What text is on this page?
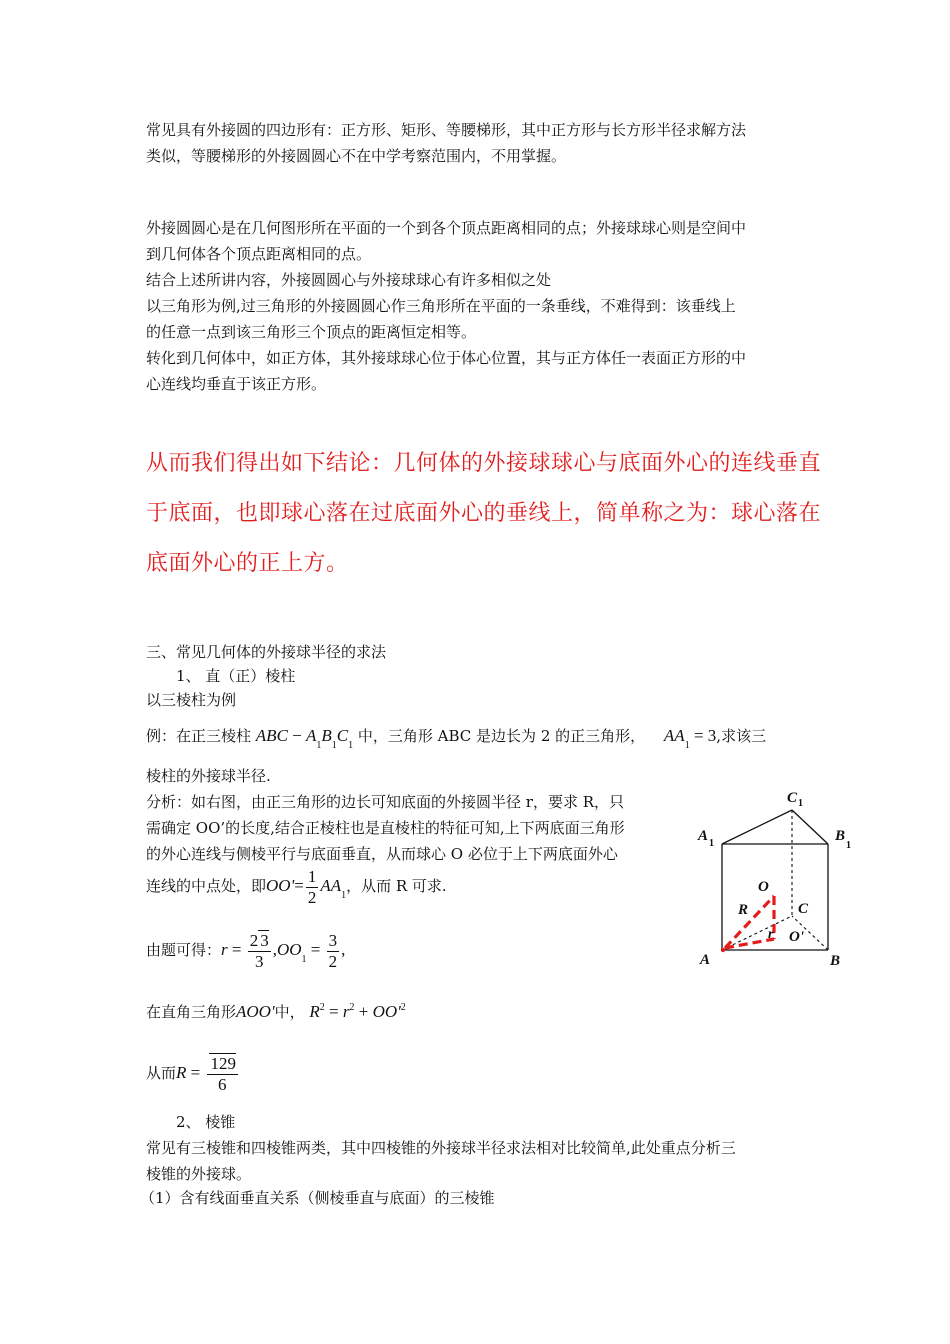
常见具有外接圆的四边形有：正方形、矩形、等腰梯形，其中正方形与长方形半径求解方法
类似，等腰梯形的外接圆圆心不在中学考察范围内，不用掌握。
外接圆圆心是在几何图形所在平面的一个到各个顶点距离相同的点；外接球球心则是空间中
到几何体各个顶点距离相同的点。
结合上述所讲内容，外接圆圆心与外接球球心有许多相似之处
以三角形为例,过三角形的外接圆圆心作三角形所在平面的一条垂线，不难得到：该垂线上
的任意一点到该三角形三个顶点的距离恒定相等。
转化到几何体中，如正方体，其外接球球心位于体心位置，其与正方体任一表面正方形的中
心连线均垂直于该正方形。
从而我们得出如下结论：几何体的外接球球心与底面外心的连线垂直
于底面，也即球心落在过底面外心的垂线上，简单称之为：球心落在
底面外心的正上方。
三、常见几何体的外接球半径的求法
1、 直（正）棱柱
以三棱柱为例
例：在正三棱柱 ABC − $A_1B_1C_1$ 中，三角形 ABC 是边长为 2 的正三角形， $AA_1 = 3$,求该三
棱柱的外接球半径.
分析：如右图，由正三角形的边长可知底面的外接圆半径 r，要求 R，只
需确定 OO’的长度,结合正棱柱也是直棱柱的特征可知,上下两底面三角形
的外心连线与侧棱平行与底面垂直，从而球心 O 必位于上下两底面外心
连线的中点处，即$OO'= \frac{1}{2} AA_1$，从而 R 可求.
由题可得：$r = \frac{2 3}{3} ,OO_1 = \frac{3}{2}$ ,
在直角三角形AOO'中， $R^2 = r^2 + OO'^2$
从而$R = \frac{129}{6}$
2、 棱锥
常见有三棱锥和四棱锥两类，其中四棱锥的外接球半径求法相对比较简单,此处重点分析三
棱锥的外接球。
（1）含有线面垂直关系（侧棱垂直与底面）的三棱锥
C 1
A 1	B
1
O
R	C
r O'
A	B
